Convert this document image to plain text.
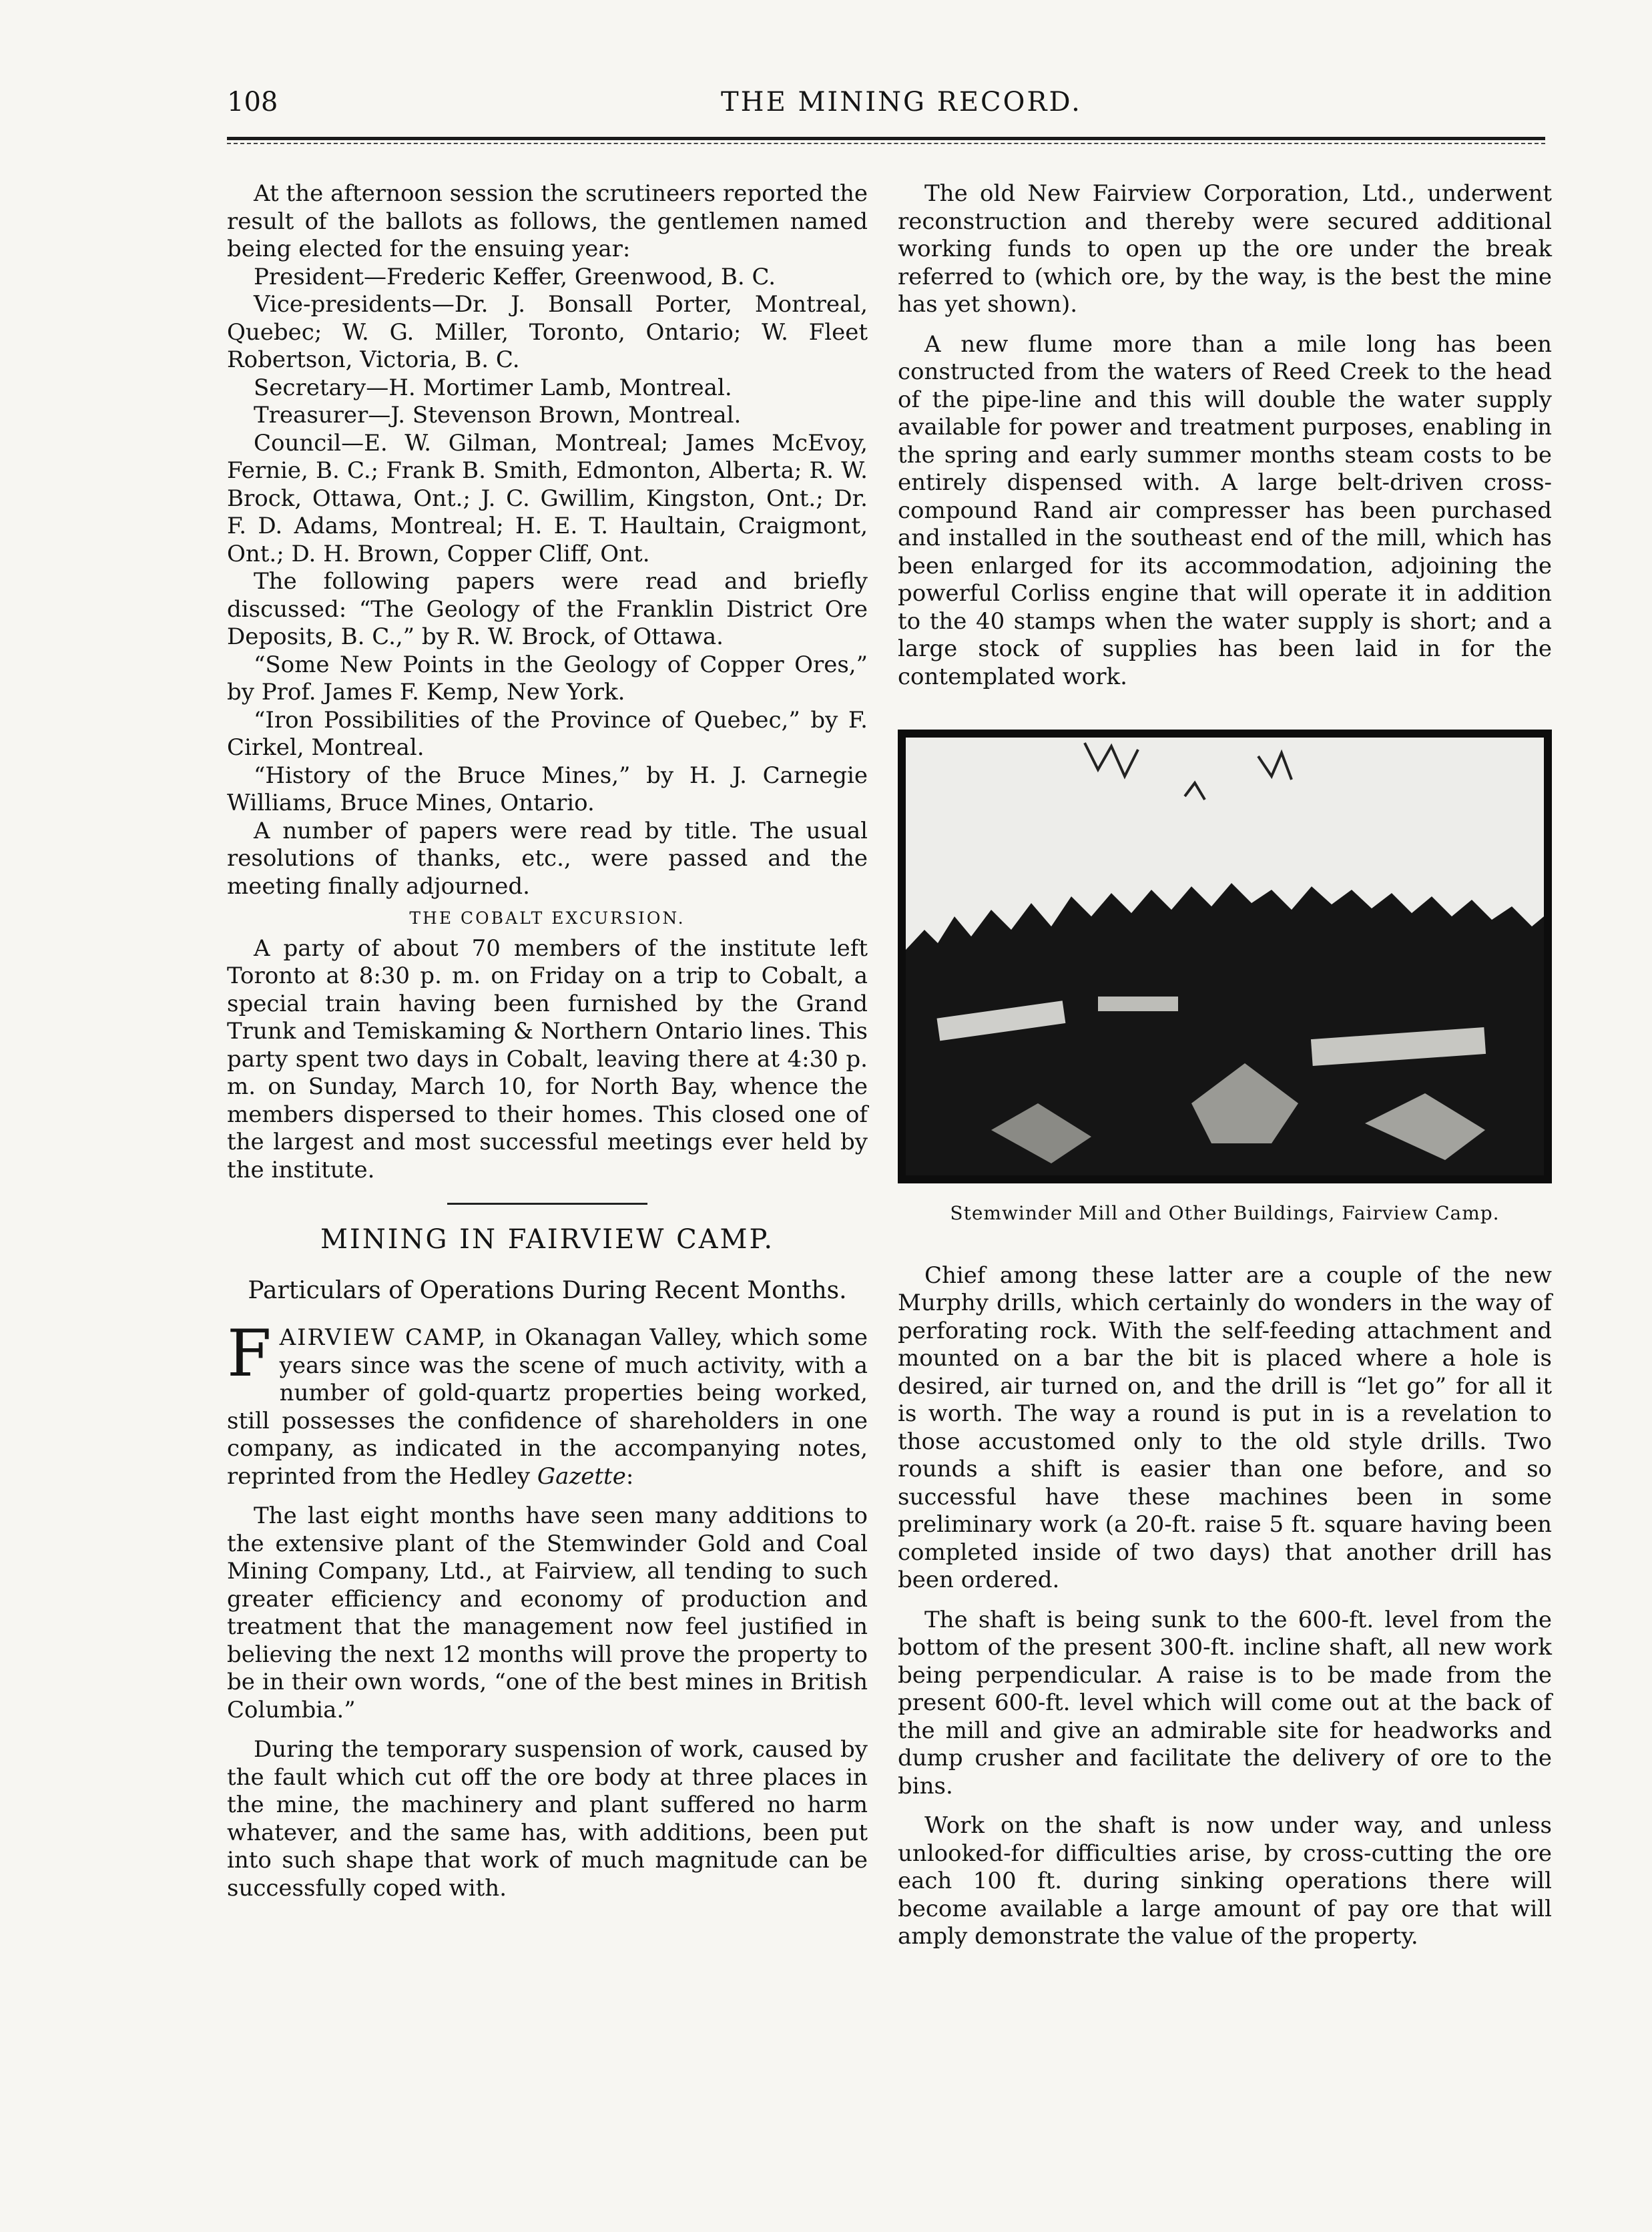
108	THE MINING RECORD.

At the afternoon session the scrutineers reported the result of the ballots as follows, the gentlemen named being elected for the ensuing year:

President—Frederic Keffer, Greenwood, B. C.

Vice-presidents—Dr. J. Bonsall Porter, Montreal, Quebec; W. G. Miller, Toronto, Ontario; W. Fleet Robertson, Victoria, B. C.

Secretary—H. Mortimer Lamb, Montreal.

Treasurer—J. Stevenson Brown, Montreal.

Council—E. W. Gilman, Montreal; James McEvoy, Fernie, B. C.; Frank B. Smith, Edmonton, Alberta; R. W. Brock, Ottawa, Ont.; J. C. Gwillim, Kingston, Ont.; Dr. F. D. Adams, Montreal; H. E. T. Haultain, Craigmont, Ont.; D. H. Brown, Copper Cliff, Ont.

The following papers were read and briefly discussed: “The Geology of the Franklin District Ore Deposits, B. C.,” by R. W. Brock, of Ottawa.

“Some New Points in the Geology of Copper Ores,” by Prof. James F. Kemp, New York.

“Iron Possibilities of the Province of Quebec,” by F. Cirkel, Montreal.

“History of the Bruce Mines,” by H. J. Carnegie Williams, Bruce Mines, Ontario.

A number of papers were read by title. The usual resolutions of thanks, etc., were passed and the meeting finally adjourned.

THE COBALT EXCURSION.

A party of about 70 members of the institute left Toronto at 8:30 p. m. on Friday on a trip to Cobalt, a special train having been furnished by the Grand Trunk and Temiskaming & Northern Ontario lines. This party spent two days in Cobalt, leaving there at 4:30 p. m. on Sunday, March 10, for North Bay, whence the members dispersed to their homes. This closed one of the largest and most successful meetings ever held by the institute.

MINING IN FAIRVIEW CAMP.
Particulars of Operations During Recent Months.

FAIRVIEW CAMP, in Okanagan Valley, which some years since was the scene of much activity, with a number of gold-quartz properties being worked, still possesses the confidence of shareholders in one company, as indicated in the accompanying notes, reprinted from the Hedley Gazette:

The last eight months have seen many additions to the extensive plant of the Stemwinder Gold and Coal Mining Company, Ltd., at Fairview, all tending to such greater efficiency and economy of production and treatment that the management now feel justified in believing the next 12 months will prove the property to be in their own words, “one of the best mines in British Columbia.”

During the temporary suspension of work, caused by the fault which cut off the ore body at three places in the mine, the machinery and plant suffered no harm whatever, and the same has, with additions, been put into such shape that work of much magnitude can be successfully coped with.

The old New Fairview Corporation, Ltd., underwent reconstruction and thereby were secured additional working funds to open up the ore under the break referred to (which ore, by the way, is the best the mine has yet shown).

A new flume more than a mile long has been constructed from the waters of Reed Creek to the head of the pipe-line and this will double the water supply available for power and treatment purposes, enabling in the spring and early summer months steam costs to be entirely dispensed with. A large belt-driven cross-compound Rand air compresser has been purchased and installed in the southeast end of the mill, which has been enlarged for its accommodation, adjoining the powerful Corliss engine that will operate it in addition to the 40 stamps when the water supply is short; and a large stock of supplies has been laid in for the contemplated work.

Stemwinder Mill and Other Buildings, Fairview Camp.

Chief among these latter are a couple of the new Murphy drills, which certainly do wonders in the way of perforating rock. With the self-feeding attachment and mounted on a bar the bit is placed where a hole is desired, air turned on, and the drill is “let go” for all it is worth. The way a round is put in is a revelation to those accustomed only to the old style drills. Two rounds a shift is easier than one before, and so successful have these machines been in some preliminary work (a 20-ft. raise 5 ft. square having been completed inside of two days) that another drill has been ordered.

The shaft is being sunk to the 600-ft. level from the bottom of the present 300-ft. incline shaft, all new work being perpendicular. A raise is to be made from the present 600-ft. level which will come out at the back of the mill and give an admirable site for headworks and dump crusher and facilitate the delivery of ore to the bins.

Work on the shaft is now under way, and unless unlooked-for difficulties arise, by cross-cutting the ore each 100 ft. during sinking operations there will become available a large amount of pay ore that will amply demonstrate the value of the property.
